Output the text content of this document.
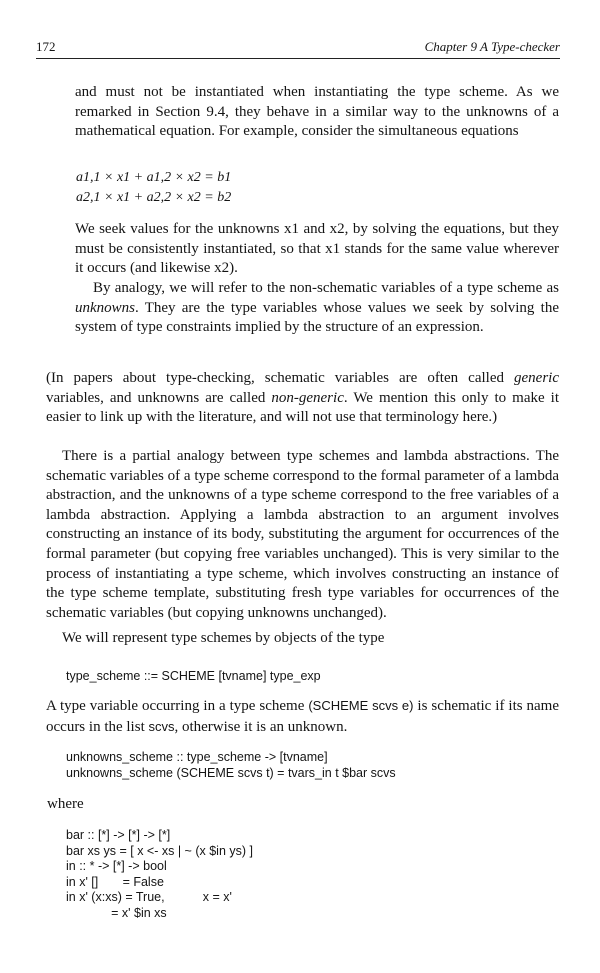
172	Chapter 9 A Type-checker

and must not be instantiated when instantiating the type scheme. As we remarked in Section 9.4, they behave in a similar way to the unknowns of a mathematical equation. For example, consider the simultaneous equations

a1,1 × x1 + a1,2 × x2 = b1
a2,1 × x1 + a2,2 × x2 = b2

We seek values for the unknowns x1 and x2, by solving the equations, but they must be consistently instantiated, so that x1 stands for the same value wherever it occurs (and likewise x2).

By analogy, we will refer to the non-schematic variables of a type scheme as unknowns. They are the type variables whose values we seek by solving the system of type constraints implied by the structure of an expression.

(In papers about type-checking, schematic variables are often called generic variables, and unknowns are called non-generic. We mention this only to make it easier to link up with the literature, and will not use that terminology here.)

There is a partial analogy between type schemes and lambda abstractions. The schematic variables of a type scheme correspond to the formal parameter of a lambda abstraction, and the unknowns of a type scheme correspond to the free variables of a lambda abstraction. Applying a lambda abstraction to an argument involves constructing an instance of its body, substituting the argument for occurrences of the formal parameter (but copying free variables unchanged). This is very similar to the process of instantiating a type scheme, which involves constructing an instance of the type scheme template, substituting fresh type variables for occurrences of the schematic variables (but copying unknowns unchanged).

We will represent type schemes by objects of the type

type_scheme ::= SCHEME [tvname] type_exp

A type variable occurring in a type scheme (SCHEME scvs e) is schematic if its name occurs in the list scvs, otherwise it is an unknown.

unknowns_scheme :: type_scheme -> [tvname]
unknowns_scheme (SCHEME scvs t) = tvars_in t $bar scvs
where
bar :: [*] -> [*] -> [*]
bar xs ys = [ x <- xs | ~ (x $in ys) ]
in :: * -> [*] -> bool
in x' []       = False
in x' (x:xs) = True,           x = x'
= x' $in xs
